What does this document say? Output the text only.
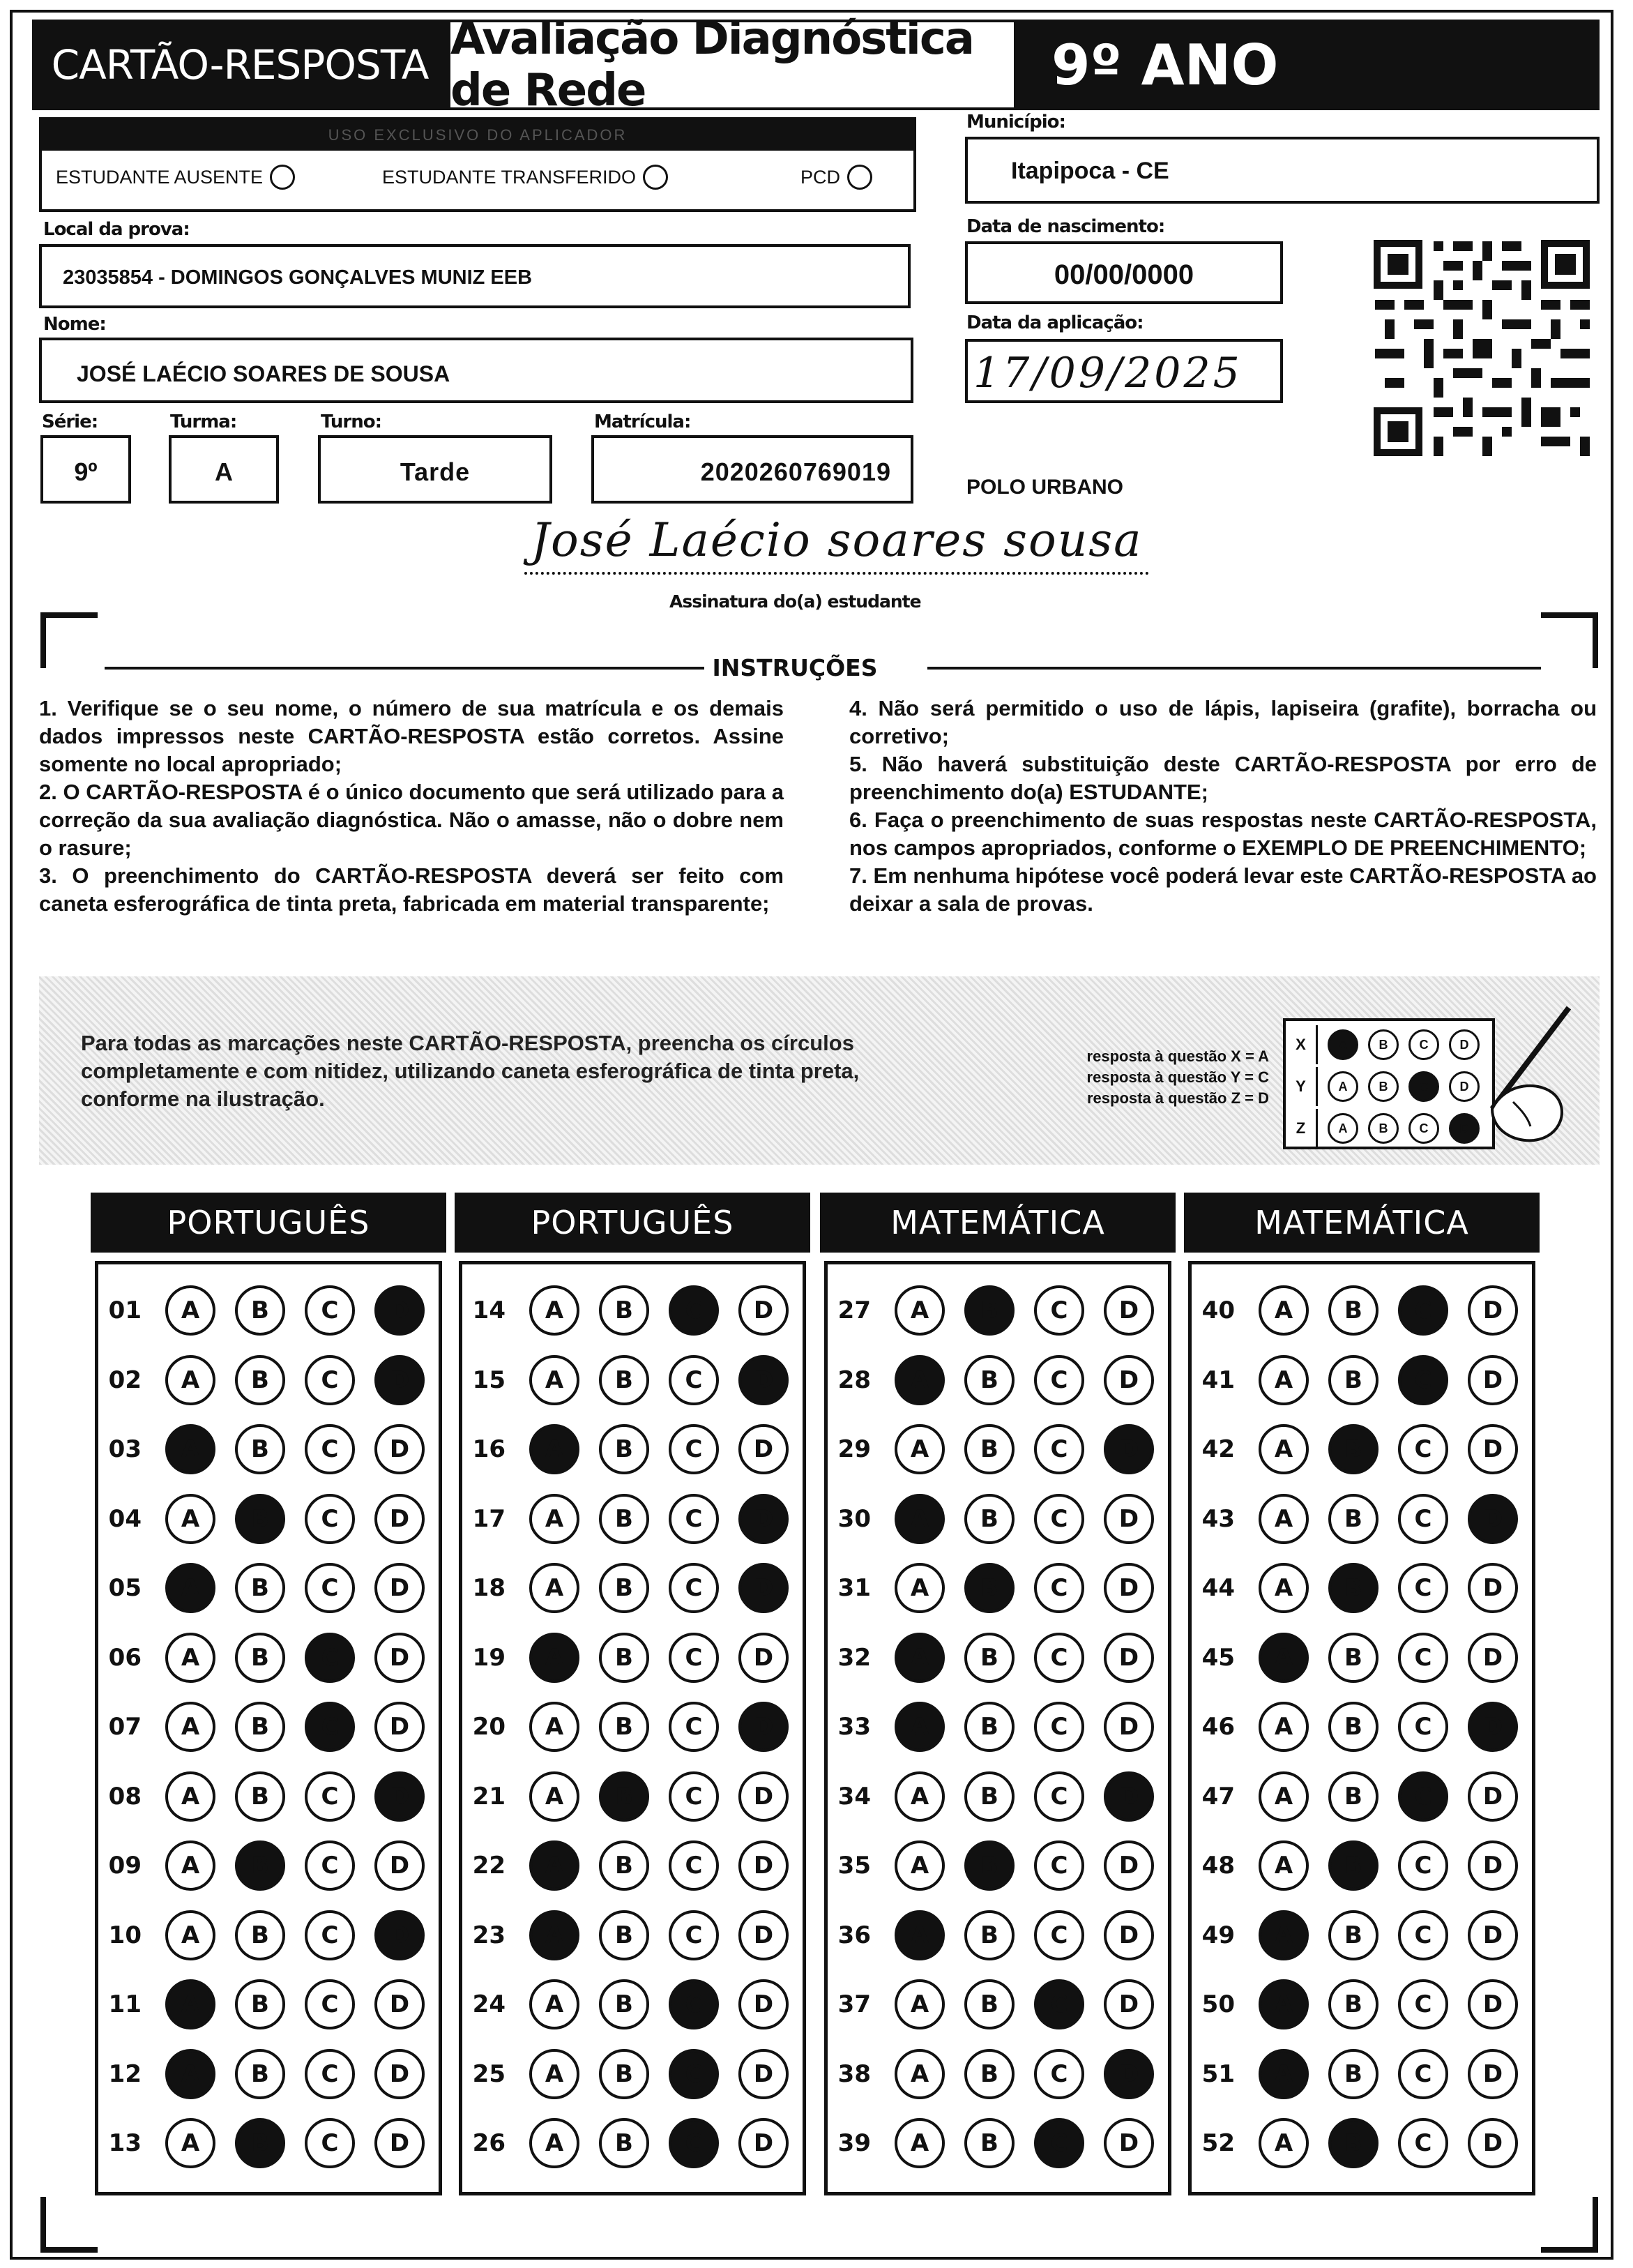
CARTÃO-RESPOSTA Avaliação Diagnóstica de Rede	9º ANO
USO EXCLUSIVO DO APLICADOR
ESTUDANTE AUSENTE	ESTUDANTE TRANSFERIDO	PCD
Município:
Itapipoca - CE
Local da prova:
23035854 - DOMINGOS GONÇALVES MUNIZ EEB
Nome:
JOSÉ LAÉCIO SOARES DE SOUSA
Data de nascimento:
00/00/0000
Data da aplicação:
17/09/2025
Série:
9º
Turma:
A
Turno:
Tarde
Matrícula:
2020260769019
POLO URBANO
José Laécio soares sousa
Assinatura do(a) estudante
INSTRUÇÕES

1. Verifique se o seu nome, o número de sua matrícula e os demais dados impressos neste CARTÃO-RESPOSTA estão corretos. Assine somente no local apropriado;

2. O CARTÃO-RESPOSTA é o único documento que será utilizado para a correção da sua avaliação diagnóstica. Não o amasse, não o dobre nem o rasure;

3. O preenchimento do CARTÃO-RESPOSTA deverá ser feito com caneta esferográfica de tinta preta, fabricada em material transparente;

4. Não será permitido o uso de lápis, lapiseira (grafite), borracha ou corretivo;

5. Não haverá substituição deste CARTÃO-RESPOSTA por erro de preenchimento do(a) ESTUDANTE;

6. Faça o preenchimento de suas respostas neste CARTÃO-RESPOSTA, nos campos apropriados, conforme o EXEMPLO DE PREENCHIMENTO;

7. Em nenhuma hipótese você poderá levar este CARTÃO-RESPOSTA ao deixar a sala de provas.

Para todas as marcações neste CARTÃO-RESPOSTA, preencha os círculos completamente e com nitidez, utilizando caneta esferográfica de tinta preta, conforme na ilustração.
resposta à questão X = A
resposta à questão Y = C
resposta à questão Z = D
X	A	B	C	D
Y	A	B	C	D
Z	A	B	C	D
PORTUGUÊS
01	A	B	C	D
02	A	B	C	D
03	A	B	C	D
04	A	B	C	D
05	A	B	C	D
06	A	B	C	D
07	A	B	C	D
08	A	B	C	D
09	A	B	C	D
10	A	B	C	D
11	A	B	C	D
12	A	B	C	D
13	A	B	C	D
PORTUGUÊS
14	A	B	C	D
15	A	B	C	D
16	A	B	C	D
17	A	B	C	D
18	A	B	C	D
19	A	B	C	D
20	A	B	C	D
21	A	B	C	D
22	A	B	C	D
23	A	B	C	D
24	A	B	C	D
25	A	B	C	D
26	A	B	C	D
MATEMÁTICA
27	A	B	C	D
28	A	B	C	D
29	A	B	C	D
30	A	B	C	D
31	A	B	C	D
32	A	B	C	D
33	A	B	C	D
34	A	B	C	D
35	A	B	C	D
36	A	B	C	D
37	A	B	C	D
38	A	B	C	D
39	A	B	C	D
MATEMÁTICA
40	A	B	C	D
41	A	B	C	D
42	A	B	C	D
43	A	B	C	D
44	A	B	C	D
45	A	B	C	D
46	A	B	C	D
47	A	B	C	D
48	A	B	C	D
49	A	B	C	D
50	A	B	C	D
51	A	B	C	D
52	A	B	C	D
